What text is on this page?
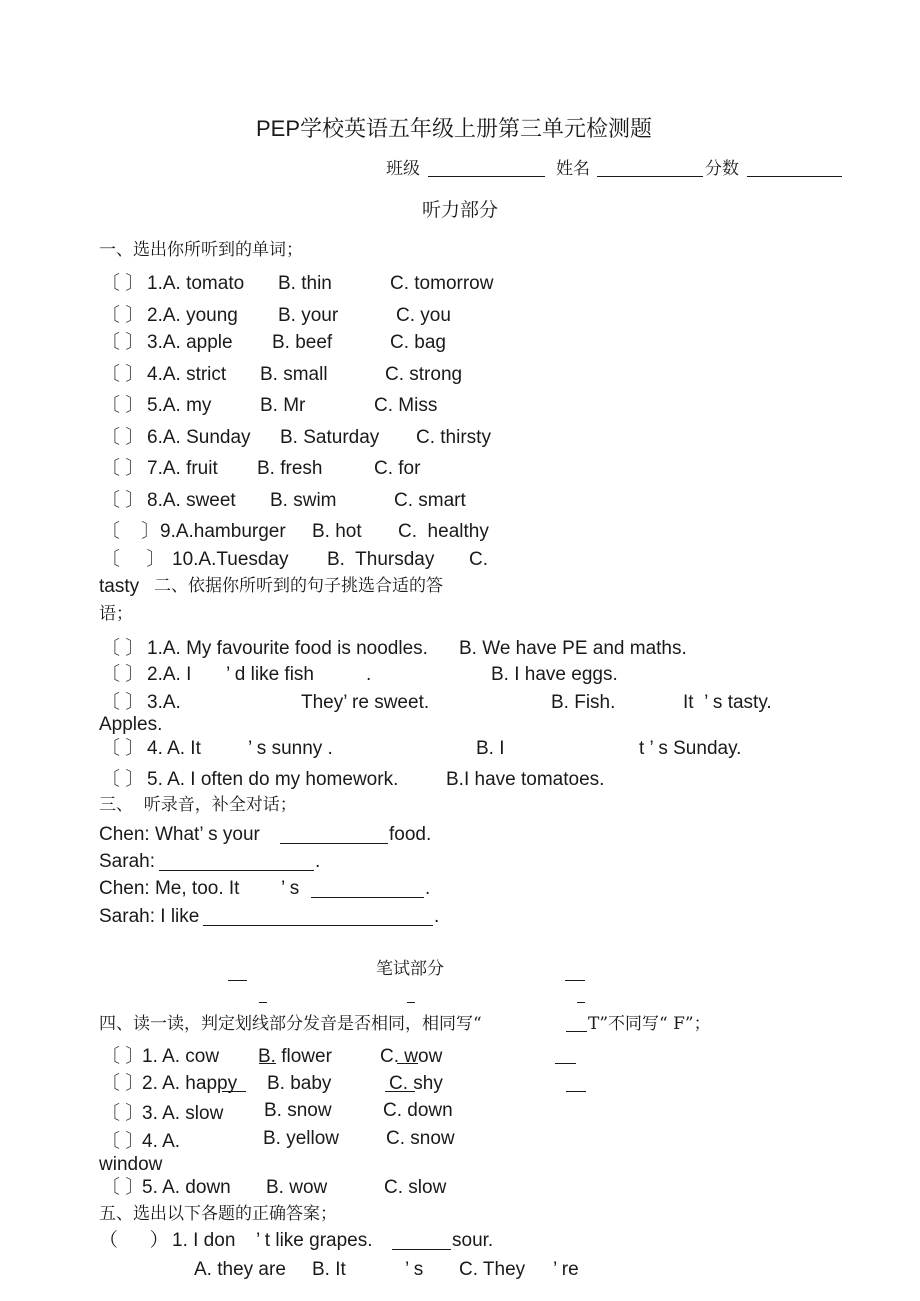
PEP学校英语五年级上册第三单元检测题
班级	姓名	分数
听力部分
一、选出你所听到的单词；
〔 〕 1.A. tomato B. thin	C. tomorrow
〔 〕 2.A. young B. your	C. you
〔 〕 3.A. apple B. beef	C. bag
〔 〕 4.A. strict B. small	C. strong
〔 〕 5.A. my	B. Mr	C. Miss
〔 〕 6.A. Sunday B. Saturday C. thirsty
〔 〕 7.A. fruit B. fresh	C. for
〔 〕 8.A. sweet B. swim	C. smart
〔    〕 9.A.hamburger B. hot C.  healthy
〔     〕 10.A.Tuesday B.  Thursday C.
tasty 二、依据你所听到的句子挑选合适的答
语；
〔 〕 1.A. My favourite food is noodles. B. We have PE and maths.
〔 〕 2.A. I ’ d like fish	.	B. I have eggs.
〔 〕 3.A.	They’ re sweet.	B. Fish.	It  ’ s tasty.
Apples.
〔 〕 4. A. It ’ s sunny .	B. I	t ’ s Sunday.
〔 〕 5. A. I often do my homework.	B.I have tomatoes.
三、  听录音，补全对话；
Chen: What’ s your	food.
Sarah:	.
Chen: Me, too. It ’ s	.
Sarah: I like	.
笔试部分
四、读一读，判定划线部分发音是否相同，相同写“	T”不同写“ F”；
〔 〕
1. A. cow B. flower	C. wow
〔 〕
2. A. happy B. baby	C. shy
〔 〕
3. A. slow B. snow	C. down
〔 〕
4. A.	B. yellow C. snow
window
〔 〕
5. A. down B. wow	C. slow
五、选出以下各题的正确答案；
（      ） 1. I don ’ t like grapes.	sour.
A. they are B. It	’ s C. They ’ re
